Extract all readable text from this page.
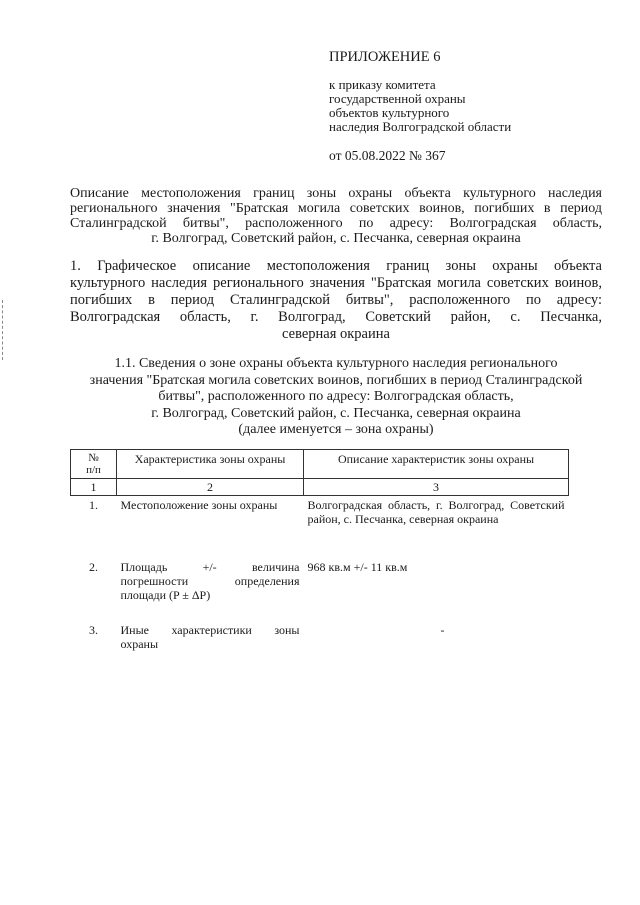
ПРИЛОЖЕНИЕ 6

к приказу комитета

государственной охраны

объектов культурного

наследия Волгоградской области

от 05.08.2022 № 367

Описание местоположения границ зоны охраны объекта культурного наследия
регионального значения "Братская могила советских воинов, погибших в период
Сталинградской битвы", расположенного по адресу: Волгоградская область,
г. Волгоград, Советский район, с. Песчанка, северная окраина

1. Графическое описание местоположения границ зоны охраны объекта
культурного наследия регионального значения "Братская могила советских воинов,
погибших в период Сталинградской битвы", расположенного по адресу:
Волгоградская область, г. Волгоград, Советский район, с. Песчанка,
северная окраина

1.1. Сведения о зоне охраны объекта культурного наследия регионального
значения "Братская могила советских воинов, погибших в период Сталинградской
битвы", расположенного по адресу: Волгоградская область,
г. Волгоград, Советский район, с. Песчанка, северная окраина
(далее именуется – зона охраны)

№
п/п	Характеристика зоны охраны	Описание характеристик зоны охраны
1	2	3
1.	Местоположение зоны охраны	Волгоградская область, г. Волгоград, Советский район, с. Песчанка, северная окраина
2.	Площадь +/- величина погрешности определения площади (P ± ΔP)	968 кв.м +/- 11 кв.м
3.	Иные характеристики зоны охраны	-
